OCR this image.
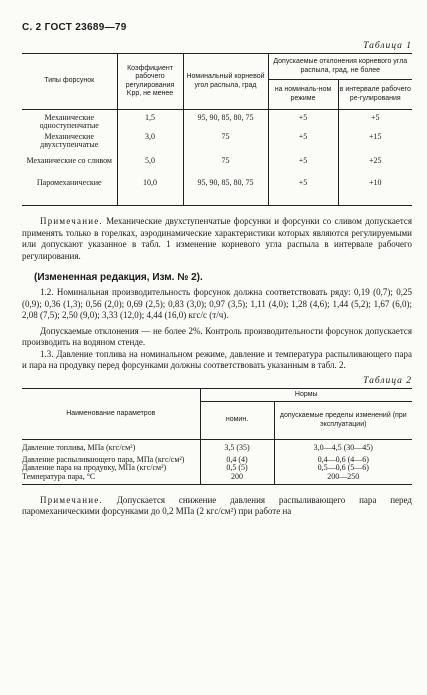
С. 2 ГОСТ 23689—79
Таблица 1
Типы форсунок	Коэффициент рабочего регулирования Kрр, не менее	Номинальный корневой угол распыла, град	Допускаемые отклонения корневого угла распыла, град, не более	
			на номиналь-ном режиме	в интервале рабочего ре-гулирования
Механические одноступенчатые	1,5	95, 90, 85, 80, 75	+5	+5
Механические двухступенчатые	3,0	75	+5	+15
Механические со сливом	5,0	75	+5	+25
Паромеханические	10,0	95, 90, 85, 80, 75	+5	+10

Примечание. Механические двухступенчатые форсунки и форсунки со сливом допускается применять только в горелках, аэродинамические характеристики которых являются регулируемыми или допускают указанное в табл. 1 изменение корневого угла распыла в интервале рабочего регулирования.

(Измененная редакция, Изм. № 2).

1.2. Номинальная производительность форсунок должна соответствовать ряду: 0,19 (0,7); 0,25 (0,9); 0,36 (1,3); 0,56 (2,0); 0,69 (2,5); 0,83 (3,0); 0,97 (3,5); 1,11 (4,0); 1,28 (4,6); 1,44 (5,2); 1,67 (6,0); 2,08 (7,5); 2,50 (9,0); 3,33 (12,0); 4,44 (16,0) кгс/с (т/ч).

Допускаемые отклонения — не более 2%. Контроль производительности форсунок допускается производить на водяном стенде.

1.3. Давление топлива на номинальном режиме, давление и температура распыливающего пара и пара на продувку перед форсунками должны соответствовать указанным в табл. 2.

Таблица 2
Наименование параметров	Нормы	
	номин.	допускаемые пределы изменений (при эксплуатации)
Давление топлива, МПа (кгс/см²)	3,5 (35)	3,0—4,5 (30—45)
Давление распыливающего пара, МПа (кгс/см²)	0,4 (4)	0,4—0,6 (4—6)
Давление пара на продувку, МПа (кгс/см²)	0,5 (5)	0,5—0,6 (5—6)
Температура пара, °С	200	200—250

Примечание. Допускается снижение давления распыливающего пара перед паромеханическими форсунками до 0,2 МПа (2 кгс/см²) при работе на
